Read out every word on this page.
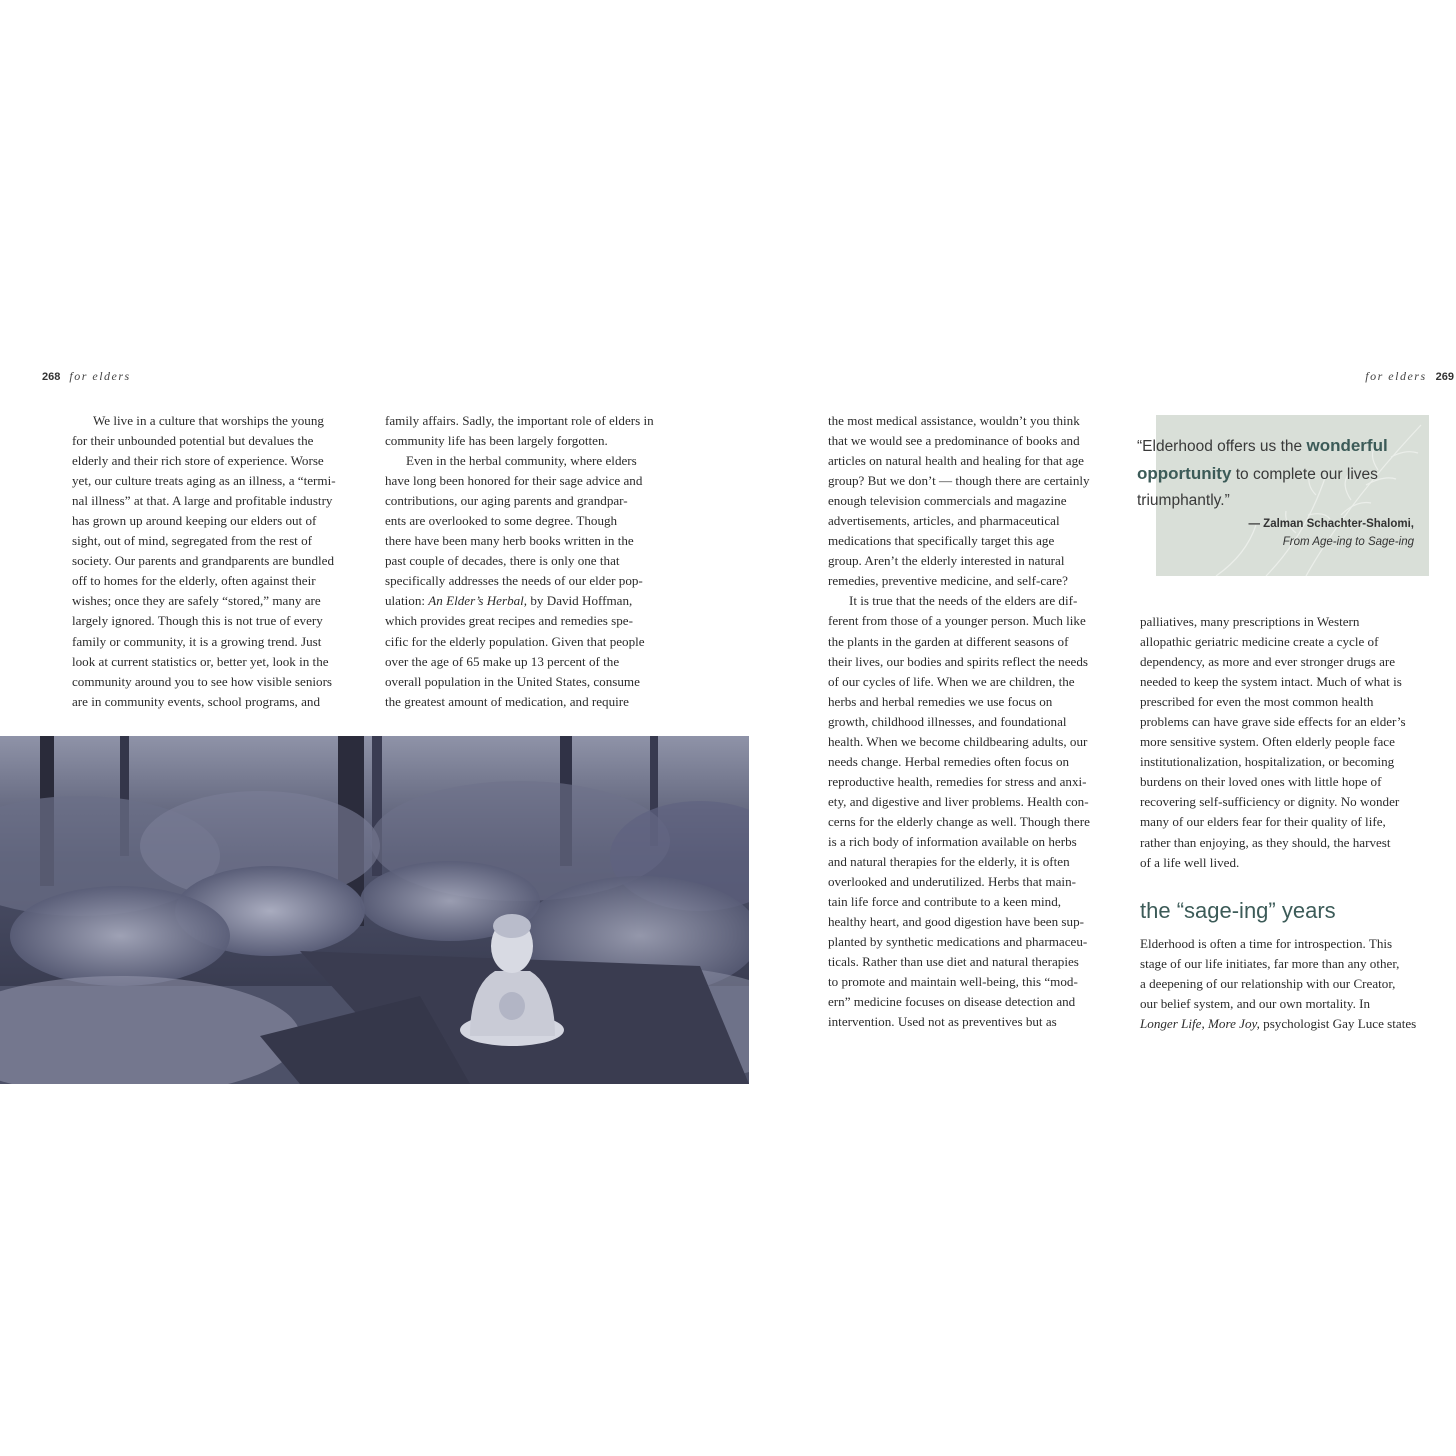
268 for elders	for elders 269
We live in a culture that worships the young
for their unbounded potential but devalues the
elderly and their rich store of experience. Worse
yet, our culture treats aging as an illness, a “termi-
nal illness” at that. A large and profitable industry
has grown up around keeping our elders out of
sight, out of mind, segregated from the rest of
society. Our parents and grandparents are bundled
off to homes for the elderly, often against their
wishes; once they are safely “stored,” many are
largely ignored. Though this is not true of every
family or community, it is a growing trend. Just
look at current statistics or, better yet, look in the
community around you to see how visible seniors
are in community events, school programs, and
family affairs. Sadly, the important role of elders in
community life has been largely forgotten.
Even in the herbal community, where elders
have long been honored for their sage advice and
contributions, our aging parents and grandpar-
ents are overlooked to some degree. Though
there have been many herb books written in the
past couple of decades, there is only one that
specifically addresses the needs of our elder pop-
ulation: An Elder’s Herbal, by David Hoffman,
which provides great recipes and remedies spe-
cific for the elderly population. Given that people
over the age of 65 make up 13 percent of the
overall population in the United States, consume
the greatest amount of medication, and require
the most medical assistance, wouldn’t you think
that we would see a predominance of books and
articles on natural health and healing for that age
group? But we don’t — though there are certainly
enough television commercials and magazine
advertisements, articles, and pharmaceutical
medications that specifically target this age
group. Aren’t the elderly interested in natural
remedies, preventive medicine, and self-care?
It is true that the needs of the elders are dif-
ferent from those of a younger person. Much like
the plants in the garden at different seasons of
their lives, our bodies and spirits reflect the needs
of our cycles of life. When we are children, the
herbs and herbal remedies we use focus on
growth, childhood illnesses, and foundational
health. When we become childbearing adults, our
needs change. Herbal remedies often focus on
reproductive health, remedies for stress and anxi-
ety, and digestive and liver problems. Health con-
cerns for the elderly change as well. Though there
is a rich body of information available on herbs
and natural therapies for the elderly, it is often
overlooked and underutilized. Herbs that main-
tain life force and contribute to a keen mind,
healthy heart, and good digestion have been sup-
planted by synthetic medications and pharmaceu-
ticals. Rather than use diet and natural therapies
to promote and maintain well-being, this “mod-
ern” medicine focuses on disease detection and
intervention. Used not as preventives but as
“Elderhood offers us the wonderful
opportunity to complete our lives
triumphantly.”
— Zalman Schachter-Shalomi,
From Age-ing to Sage-ing
palliatives, many prescriptions in Western
allopathic geriatric medicine create a cycle of
dependency, as more and ever stronger drugs are
needed to keep the system intact. Much of what is
prescribed for even the most common health
problems can have grave side effects for an elder’s
more sensitive system. Often elderly people face
institutionalization, hospitalization, or becoming
burdens on their loved ones with little hope of
recovering self-sufficiency or dignity. No wonder
many of our elders fear for their quality of life,
rather than enjoying, as they should, the harvest
of a life well lived.
the “sage-ing” years
Elderhood is often a time for introspection. This
stage of our life initiates, far more than any other,
a deepening of our relationship with our Creator,
our belief system, and our own mortality. In
Longer Life, More Joy, psychologist Gay Luce states
